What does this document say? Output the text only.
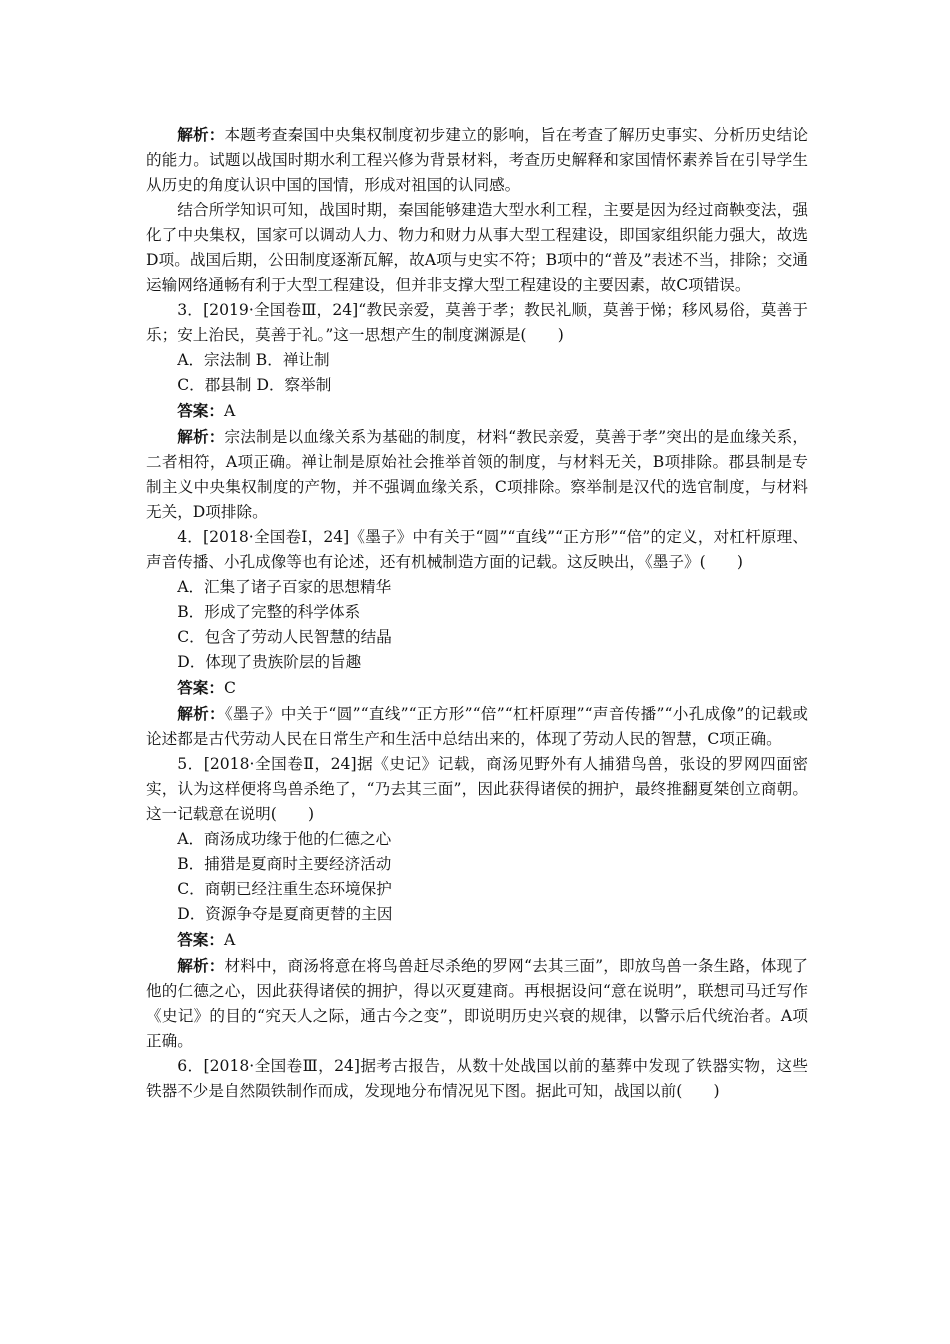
解析：本题考查秦国中央集权制度初步建立的影响，旨在考查了解历史事实、分析历史结论的能力。试题以战国时期水利工程兴修为背景材料，考查历史解释和家国情怀素养旨在引导学生从历史的角度认识中国的国情，形成对祖国的认同感。

结合所学知识可知，战国时期，秦国能够建造大型水利工程，主要是因为经过商鞅变法，强化了中央集权，国家可以调动人力、物力和财力从事大型工程建设，即国家组织能力强大，故选D项。战国后期，公田制度逐渐瓦解，故A项与史实不符；B项中的“普及”表述不当，排除；交通运输网络通畅有利于大型工程建设，但并非支撑大型工程建设的主要因素，故C项错误。

3．[2019·全国卷Ⅲ，24]“教民亲爱，莫善于孝；教民礼顺，莫善于悌；移风易俗，莫善于乐；安上治民，莫善于礼。”这一思想产生的制度渊源是(　　)

A．宗法制 B．禅让制

C．郡县制 D．察举制

答案：A

解析：宗法制是以血缘关系为基础的制度，材料“教民亲爱，莫善于孝”突出的是血缘关系，二者相符，A项正确。禅让制是原始社会推举首领的制度，与材料无关，B项排除。郡县制是专制主义中央集权制度的产物，并不强调血缘关系，C项排除。察举制是汉代的选官制度，与材料无关，D项排除。

4．[2018·全国卷Ⅰ，24]《墨子》中有关于“圆”“直线”“正方形”“倍”的定义，对杠杆原理、声音传播、小孔成像等也有论述，还有机械制造方面的记载。这反映出，《墨子》(　　)

A．汇集了诸子百家的思想精华

B．形成了完整的科学体系

C．包含了劳动人民智慧的结晶

D．体现了贵族阶层的旨趣

答案：C

解析：《墨子》中关于“圆”“直线”“正方形”“倍”“杠杆原理”“声音传播”“小孔成像”的记载或论述都是古代劳动人民在日常生产和生活中总结出来的，体现了劳动人民的智慧，C项正确。

5．[2018·全国卷Ⅱ，24]据《史记》记载，商汤见野外有人捕猎鸟兽，张设的罗网四面密实，认为这样便将鸟兽杀绝了，“乃去其三面”，因此获得诸侯的拥护，最终推翻夏桀创立商朝。这一记载意在说明(　　)

A．商汤成功缘于他的仁德之心

B．捕猎是夏商时主要经济活动

C．商朝已经注重生态环境保护

D．资源争夺是夏商更替的主因

答案：A

解析：材料中，商汤将意在将鸟兽赶尽杀绝的罗网“去其三面”，即放鸟兽一条生路，体现了他的仁德之心，因此获得诸侯的拥护，得以灭夏建商。再根据设问“意在说明”，联想司马迁写作《史记》的目的“究天人之际，通古今之变”，即说明历史兴衰的规律，以警示后代统治者。A项正确。

6．[2018·全国卷Ⅲ，24]据考古报告，从数十处战国以前的墓葬中发现了铁器实物，这些铁器不少是自然陨铁制作而成，发现地分布情况见下图。据此可知，战国以前(　　)
